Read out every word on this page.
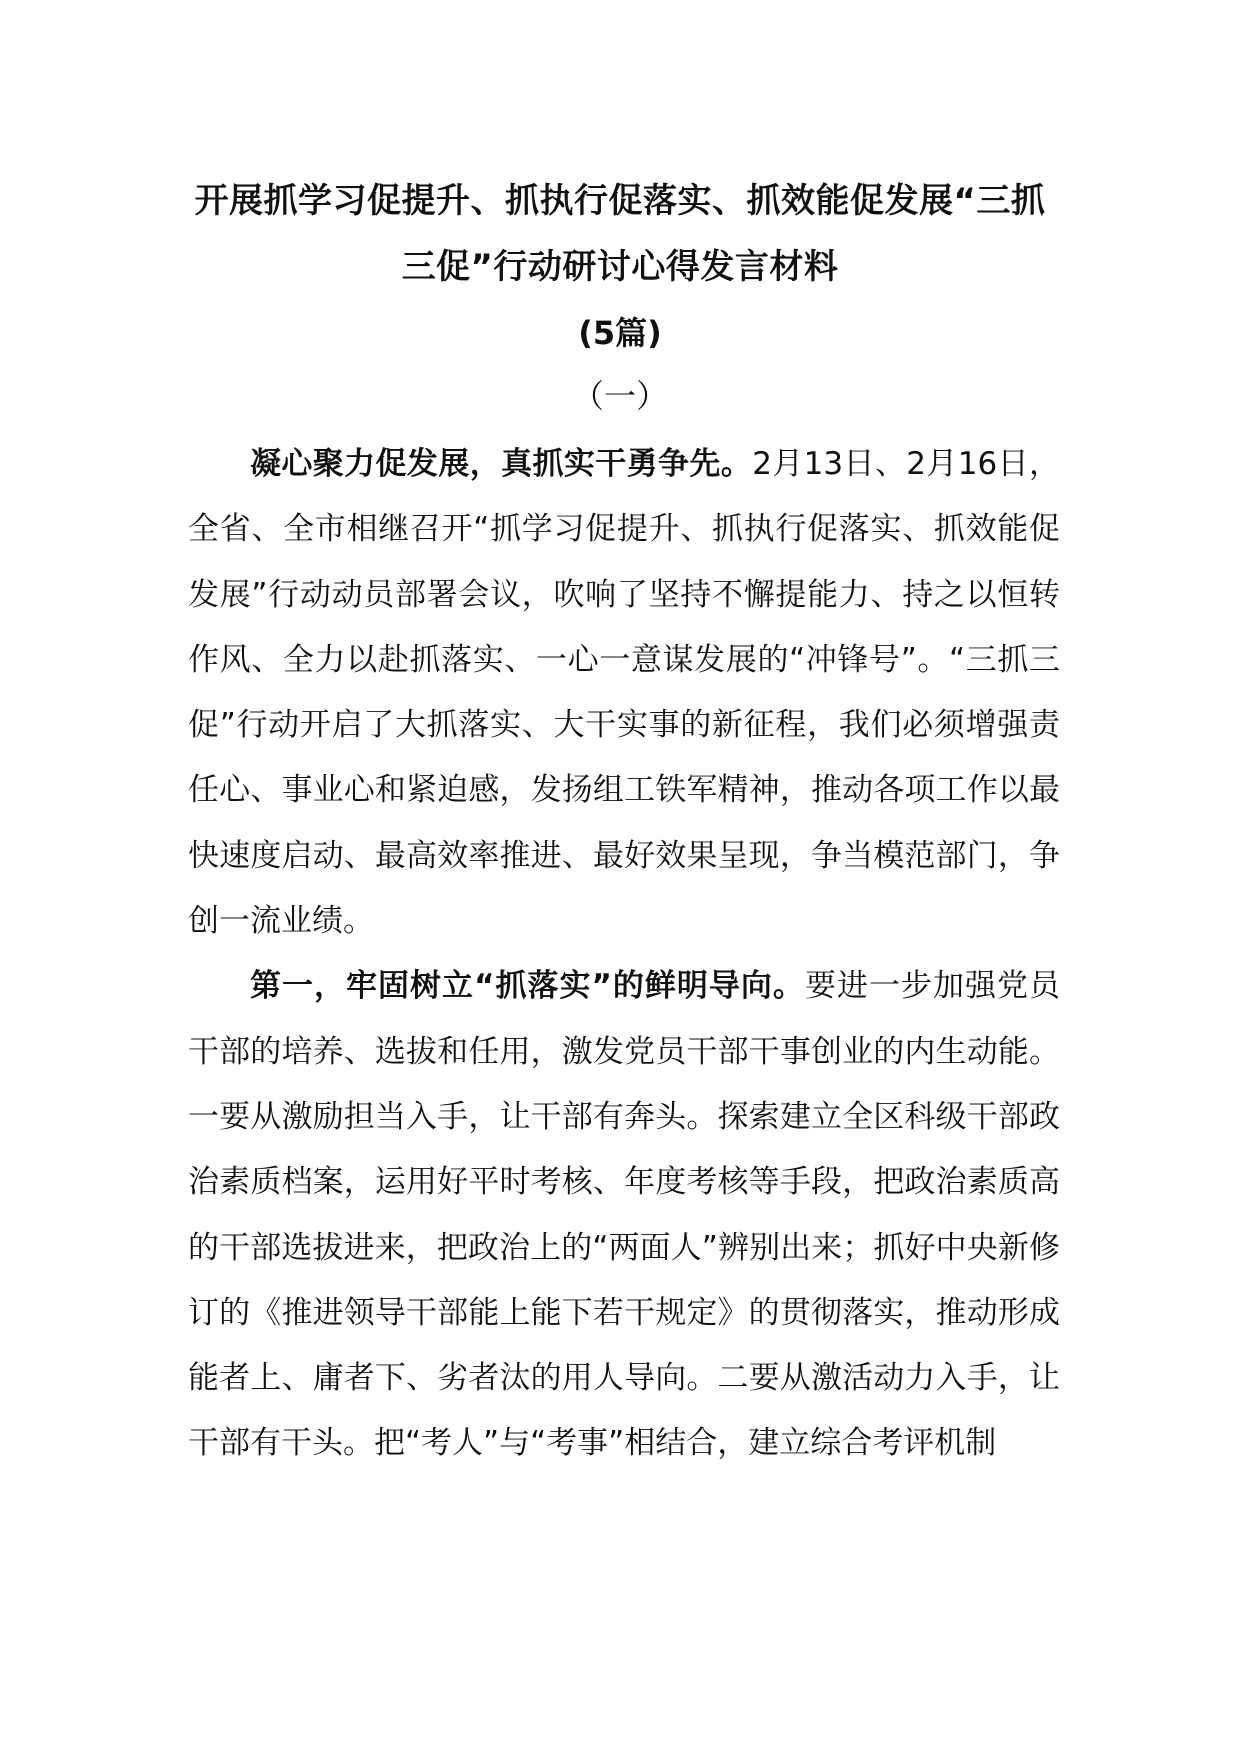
开展抓学习促提升、抓执行促落实、抓效能促发展“三抓
三促”行动研讨心得发言材料
(5篇)
（一）

凝心聚力促发展，真抓实干勇争先。2月13日、2月16日，全省、全市相继召开“抓学习促提升、抓执行促落实、抓效能促发展”行动动员部署会议，吹响了坚持不懈提能力、持之以恒转作风、全力以赴抓落实、一心一意谋发展的“冲锋号”。“三抓三促”行动开启了大抓落实、大干实事的新征程，我们必须增强责任心、事业心和紧迫感，发扬组工铁军精神，推动各项工作以最快速度启动、最高效率推进、最好效果呈现，争当模范部门，争创一流业绩。

第一，牢固树立“抓落实”的鲜明导向。要进一步加强党员干部的培养、选拔和任用，激发党员干部干事创业的内生动能。一要从激励担当入手，让干部有奔头。探索建立全区科级干部政治素质档案，运用好平时考核、年度考核等手段，把政治素质高的干部选拔进来，把政治上的“两面人”辨别出来；抓好中央新修订的《推进领导干部能上能下若干规定》的贯彻落实，推动形成能者上、庸者下、劣者汰的用人导向。二要从激活动力入手，让干部有干头。把“考人”与“考事”相结合，建立综合考评机制
